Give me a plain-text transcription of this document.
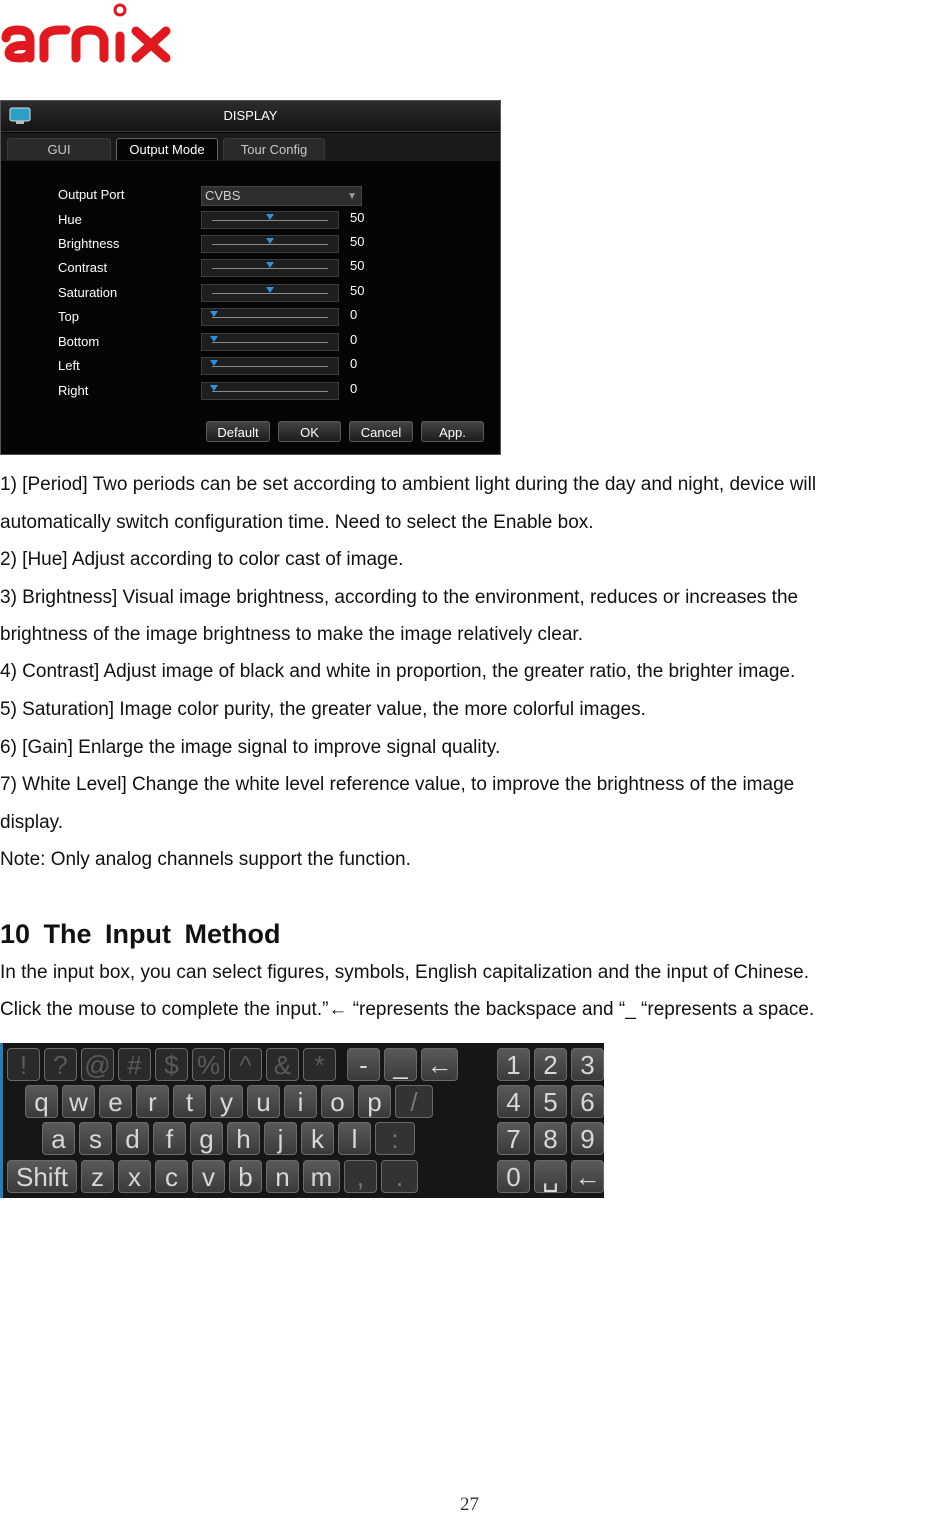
DISPLAY
GUI	Output Mode	Tour Config
Output Port	CVBS	▼
Hue	50
Brightness	50
Contrast	50
Saturation	50
Top	0
Bottom	0
Left	0
Right	0
Default	OK	Cancel	App.
1) [Period] Two periods can be set according to ambient light during the day and night, device will
automatically switch configuration time. Need to select the Enable box.
2) [Hue] Adjust according to color cast of image.
3) Brightness] Visual image brightness, according to the environment, reduces or increases the
brightness of the image brightness to make the image relatively clear.
4) Contrast] Adjust image of black and white in proportion, the greater ratio, the brighter image.
5) Saturation] Image color purity, the greater value, the more colorful images.
6) [Gain] Enlarge the image signal to improve signal quality.
7) White Level] Change the white level reference value, to improve the brightness of the image
display.
Note: Only analog channels support the function.
10 The Input Method
In the input box, you can select figures, symbols, English capitalization and the input of Chinese.
Click the mouse to complete the input.”← “represents the backspace and “_ “represents a space.
!	? @ # $ % ^ & *	- _ ←
q w e r	t	y u	i	o p	/
a s d	f	g h	j	k	l	:
Shift z x c v b n m ,	.
1 2 3
4 5 6
7 8 9
0 ␣ ←
27
